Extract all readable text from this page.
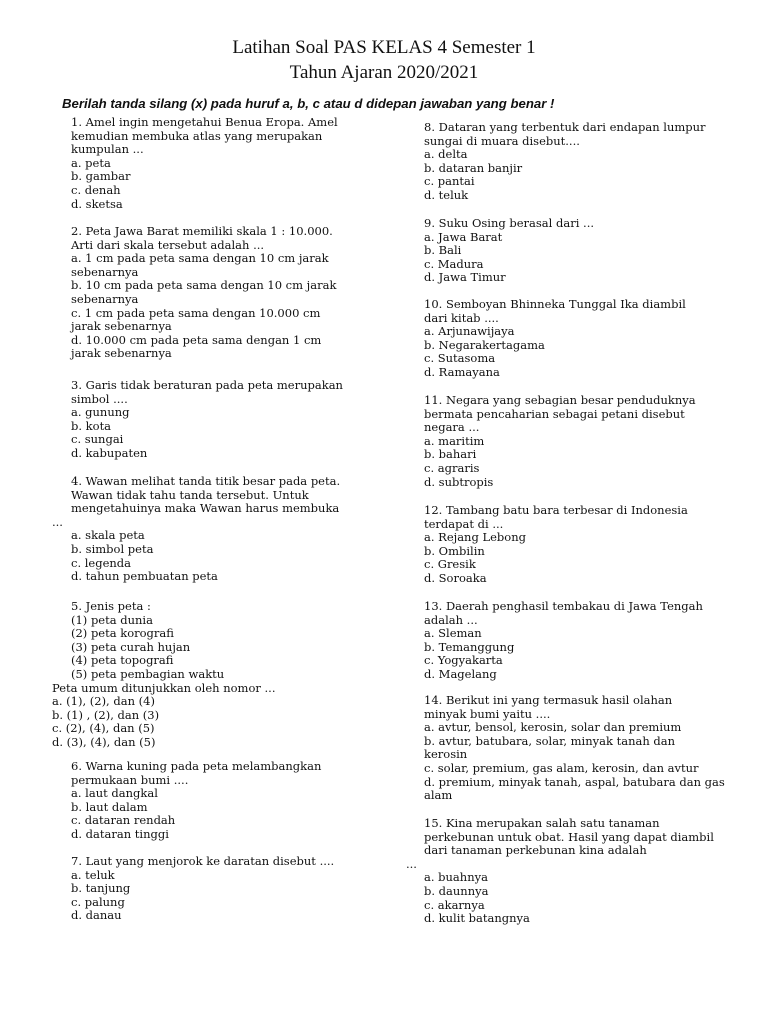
Latihan Soal PAS KELAS 4 Semester 1
Tahun Ajaran 2020/2021
Berilah tanda silang (x) pada huruf a, b, c atau d didepan jawaban yang benar !
1. Amel ingin mengetahui Benua Eropa. Amel
kemudian membuka atlas yang merupakan
kumpulan ...
a. peta
b. gambar
c. denah
d. sketsa
2. Peta Jawa Barat memiliki skala 1 : 10.000.
Arti dari skala tersebut adalah ...
a. 1 cm pada peta sama dengan 10 cm jarak
sebenarnya
b. 10 cm pada peta sama dengan 10 cm jarak
sebenarnya
c. 1 cm pada peta sama dengan 10.000 cm
jarak sebenarnya
d. 10.000 cm pada peta sama dengan 1 cm
jarak sebenarnya
3. Garis tidak beraturan pada peta merupakan
simbol ....
a. gunung
b. kota
c. sungai
d. kabupaten
4. Wawan melihat tanda titik besar pada peta.
Wawan tidak tahu tanda tersebut. Untuk
mengetahuinya maka Wawan harus membuka
...
a. skala peta
b. simbol peta
c. legenda
d. tahun pembuatan peta
5. Jenis peta :
(1) peta dunia
(2) peta korografi
(3) peta curah hujan
(4) peta topografi
(5) peta pembagian waktu
Peta umum ditunjukkan oleh nomor ...
a. (1), (2), dan (4)
b. (1) , (2), dan (3)
c. (2), (4), dan (5)
d. (3), (4), dan (5)
6. Warna kuning pada peta melambangkan
permukaan bumi ....
a. laut dangkal
b. laut dalam
c. dataran rendah
d. dataran tinggi
7. Laut yang menjorok ke daratan disebut ....
a. teluk
b. tanjung
c. palung
d. danau
8. Dataran yang terbentuk dari endapan lumpur
sungai di muara disebut....
a. delta
b. dataran banjir
c. pantai
d. teluk
9. Suku Osing berasal dari ...
a. Jawa Barat
b. Bali
c. Madura
d. Jawa Timur
10. Semboyan Bhinneka Tunggal Ika diambil
dari kitab ....
a. Arjunawijaya
b. Negarakertagama
c. Sutasoma
d. Ramayana
11. Negara yang sebagian besar penduduknya
bermata pencaharian sebagai petani disebut
negara ...
a. maritim
b. bahari
c. agraris
d. subtropis
12. Tambang batu bara terbesar di Indonesia
terdapat di ...
a. Rejang Lebong
b. Ombilin
c. Gresik
d. Soroaka
13. Daerah penghasil tembakau di Jawa Tengah
adalah ...
a. Sleman
b. Temanggung
c. Yogyakarta
d. Magelang
14. Berikut ini yang termasuk hasil olahan
minyak bumi yaitu ....
a. avtur, bensol, kerosin, solar dan premium
b. avtur, batubara, solar, minyak tanah dan
kerosin
c. solar, premium, gas alam, kerosin, dan avtur
d. premium, minyak tanah, aspal, batubara dan gas
alam
15. Kina merupakan salah satu tanaman
perkebunan untuk obat. Hasil yang dapat diambil
dari tanaman perkebunan kina adalah
...
a. buahnya
b. daunnya
c. akarnya
d. kulit batangnya
